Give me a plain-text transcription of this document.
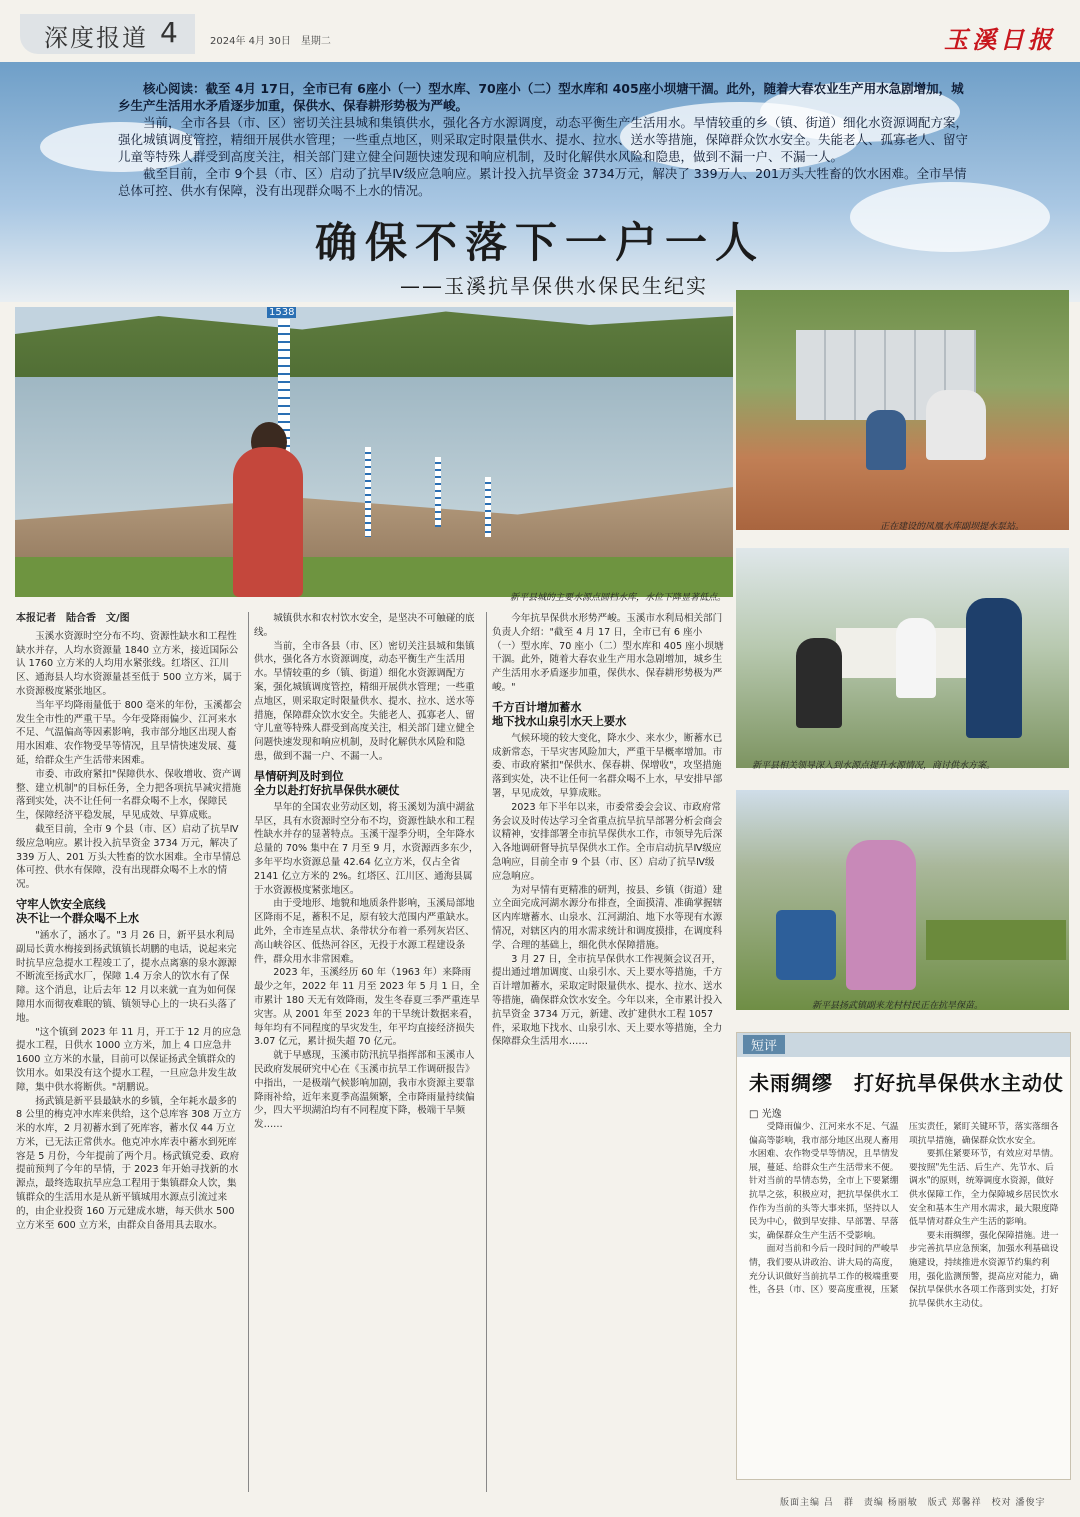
深度报道 4	2024年 4月 30日　星期二	玉溪日报

核心阅读：截至 4月 17日，全市已有 6座小（一）型水库、70座小（二）型水库和 405座小坝塘干涸。此外，随着大春农业生产用水急剧增加，城乡生产生活用水矛盾逐步加重，保供水、保春耕形势极为严峻。

当前，全市各县（市、区）密切关注县城和集镇供水，强化各方水源调度，动态平衡生产生活用水。旱情较重的乡（镇、街道）细化水资源调配方案，强化城镇调度管控，精细开展供水管理；一些重点地区，则采取定时限量供水、提水、拉水、送水等措施，保障群众饮水安全。失能老人、孤寡老人、留守儿童等特殊人群受到高度关注，相关部门建立健全问题快速发现和响应机制，及时化解供水风险和隐患，做到不漏一户、不漏一人。

截至目前，全市 9个县（市、区）启动了抗旱Ⅳ级应急响应。累计投入抗旱资金 3734万元，解决了 339万人、201万头大牲畜的饮水困难。全市旱情总体可控、供水有保障，没有出现群众喝不上水的情况。

确保不落下一户一人
——玉溪抗旱保供水保民生纪实
1538
新平县城的主要水源点圆档水库，水位下降显著低点。
正在建设的凤凰水库副坝提水泵站。
新平县相关领导深入到水源点提升水源情况，商讨供水方案。
新平县扬武镇副来龙村村民正在抗旱保苗。
本报记者　陆合香　文/图

玉溪水资源时空分布不均、资源性缺水和工程性缺水并存，人均水资源量 1840 立方米，接近国际公认 1760 立方米的人均用水紧张线。红塔区、江川区、通海县人均水资源量甚至低于 500 立方米，属于水资源极度紧张地区。

当年平均降雨量低于 800 毫米的年份，玉溪都会发生全市性的严重干旱。今年受降雨偏少、江河来水不足、气温偏高等因素影响，我市部分地区出现人畜用水困难、农作物受旱等情况，且旱情快速发展、蔓延，给群众生产生活带来困难。

市委、市政府紧扣"保障供水、保收增收、资产调整、建立机制"的目标任务，全力把各项抗旱减灾措施落到实处，决不让任何一名群众喝不上水，保障民生，保障经济平稳发展，早见成效、早算成账。

截至目前，全市 9 个县（市、区）启动了抗旱Ⅳ级应急响应。累计投入抗旱资金 3734 万元，解决了 339 万人、201 万头大牲畜的饮水困难。全市旱情总体可控、供水有保障，没有出现群众喝不上水的情况。

守牢人饮安全底线
决不让一个群众喝不上水

"涵水了，涵水了。"3 月 26 日，新平县水利局副局长黄水梅接到扬武镇镇长胡鹏的电话，说起来完时抗旱应急提水工程竣工了，提水点离寨的泉水源源不断流至扬武水厂，保障 1.4 万余人的饮水有了保障。这个消息，让后去年 12 月以来就一直为如何保障用水而彻夜难眠的镇、镇领导心上的一块石头落了地。

"这个镇到 2023 年 11 月，开工于 12 月的应急提水工程，日供水 1000 立方米，加上 4 口应急井 1600 立方米的水量，目前可以保证扬武全镇群众的饮用水。如果没有这个提水工程，一旦应急井发生故障，集中供水将断供。"胡鹏说。

扬武镇是新平县最缺水的乡镇，全年耗水最多的 8 公里的梅克冲水库来供给，这个总库容 308 万立方米的水库，2 月初蓄水到了死库容，蓄水仅 44 万立方米，已无法正常供水。他克冲水库表中蓄水到死库容是 5 月份，今年提前了两个月。杨武镇党委、政府提前预判了今年的旱情，于 2023 年开始寻找新的水源点，最终选取抗旱应急工程用于集镇群众人饮，集镇群众的生活用水是从新平镇城用水源点引流过来的，由企业投资 160 万元建成水塘，每天供水 500 立方米至 600 立方米，由群众自备用具去取水。

城镇供水和农村饮水安全，是坚决不可触碰的底线。

当前，全市各县（市、区）密切关注县城和集镇供水，强化各方水资源调度，动态平衡生产生活用水。旱情较重的乡（镇、街道）细化水资源调配方案，强化城镇调度管控，精细开展供水管理；一些重点地区，则采取定时限量供水、提水、拉水、送水等措施，保障群众饮水安全。失能老人、孤寡老人、留守儿童等特殊人群受到高度关注，相关部门建立健全问题快速发现和响应机制，及时化解供水风险和隐患，做到不漏一户、不漏一人。

旱情研判及时到位
全力以赴打好抗旱保供水硬仗

旱年的全国农业劳动区划，将玉溪划为滇中湖盆旱区，具有水资源时空分布不均，资源性缺水和工程性缺水并存的显著特点。玉溪干湿季分明，全年降水总量的 70% 集中在 7 月至 9 月，水资源西多东少，多年平均水资源总量 42.64 亿立方米，仅占全省 2141 亿立方米的 2%。红塔区、江川区、通海县属于水资源极度紧张地区。

由于受地形、地貌和地质条件影响，玉溪局部地区降雨不足，蓄积不足，原有较大范围内严重缺水。此外，全市连星点状、条带状分布着一系列灰岩区、高山峡谷区、低热河谷区，无投于水源工程建设条件，群众用水非常困难。

2023 年，玉溪经历 60 年（1963 年）来降雨最少之年，2022 年 11 月至 2023 年 5 月 1 日，全市累计 180 天无有效降雨，发生冬春夏三季严重连旱灾害。从 2001 年至 2023 年的干旱统计数据来看，每年均有不同程度的旱灾发生，年平均直接经济损失 3.07 亿元，累计损失超 70 亿元。

就于早感现，玉溪市防汛抗旱指挥部和玉溪市人民政府发展研究中心在《玉溪市抗旱工作调研报告》中指出，一是极端气候影响加剧，我市水资源主要靠降雨补给，近年来夏季高温频繁，全市降雨量持续偏少，四大平坝湖泊均有不同程度下降，极端干旱频发……

今年抗旱保供水形势严峻。玉溪市水利局相关部门负责人介绍："截至 4 月 17 日，全市已有 6 座小（一）型水库、70 座小（二）型水库和 405 座小坝塘干涸。此外，随着大春农业生产用水急剧增加，城乡生产生活用水矛盾逐步加重，保供水、保春耕形势极为严峻。"

千方百计增加蓄水
地下找水山泉引水天上要水

气候环境的较大变化，降水少、来水少，断蓄水已成新常态，干旱灾害风险加大，严重干旱概率增加。市委、市政府紧扣"保供水、保春耕、保增收"，攻坚措施落到实处，决不让任何一名群众喝不上水，早安排早部署，早见成效，早算成账。

2023 年下半年以来，市委常委会会议、市政府常务会议及时传达学习全省重点抗旱抗旱部署分析会商会议精神，安排部署全市抗旱保供水工作，市领导先后深入各地调研督导抗旱保供水工作。全市启动抗旱Ⅳ级应急响应，目前全市 9 个县（市、区）启动了抗旱Ⅳ级应急响应。

为对早情有更精准的研判，按县、乡镇（街道）建立全面完成河湖水源分布排查，全面摸清、准确掌握辖区内库塘蓄水、山泉水、江河湖泊、地下水等现有水源情况，对辖区内的用水需求统计和调度摸排，在调度科学、合理的基础上，细化供水保障措施。

3 月 27 日，全市抗旱保供水工作视频会议召开，提出通过增加调度、山泉引水、天上要水等措施，千方百计增加蓄水，采取定时限量供水、提水、拉水、送水等措施，确保群众饮水安全。今年以来，全市累计投入抗旱资金 3734 万元，新建、改扩建供水工程 1057 件，采取地下找水、山泉引水、天上要水等措施，全力保障群众生活用水……	短评
未雨绸缪　打好抗旱保供水主动仗
□ 光逸

受降雨偏少、江河来水不足、气温偏高等影响，我市部分地区出现人畜用水困难、农作物受旱等情况，且旱情发展，蔓延、给群众生产生活带来不便。针对当前的旱情态势，全市上下要紧绷抗旱之弦，积极应对，把抗旱保供水工作作为当前的头等大事来抓，坚持以人民为中心，做到早安排、早部署、早落实，确保群众生产生活不受影响。

面对当前和今后一段时间的严峻旱情，我们要从讲政治、讲大局的高度，充分认识做好当前抗旱工作的极端重要性，各县（市、区）要高度重视，压紧压实责任，紧盯关键环节，落实落细各项抗旱措施，确保群众饮水安全。

要抓住紧要环节，有效应对旱情。要按照"先生活、后生产、先节水、后调水"的原则，统筹调度水资源，做好供水保障工作，全力保障城乡居民饮水安全和基本生产用水需求，最大限度降低旱情对群众生产生活的影响。

要未雨绸缪，强化保障措施。进一步完善抗旱应急预案，加强水利基础设施建设，持续推进水资源节约集约利用，强化监测预警，提高应对能力，确保抗旱保供水各项工作落到实处，打好抗旱保供水主动仗。

版面主编 吕　群　责编 杨丽敏　版式 郑馨祥　校对 潘俊宇
